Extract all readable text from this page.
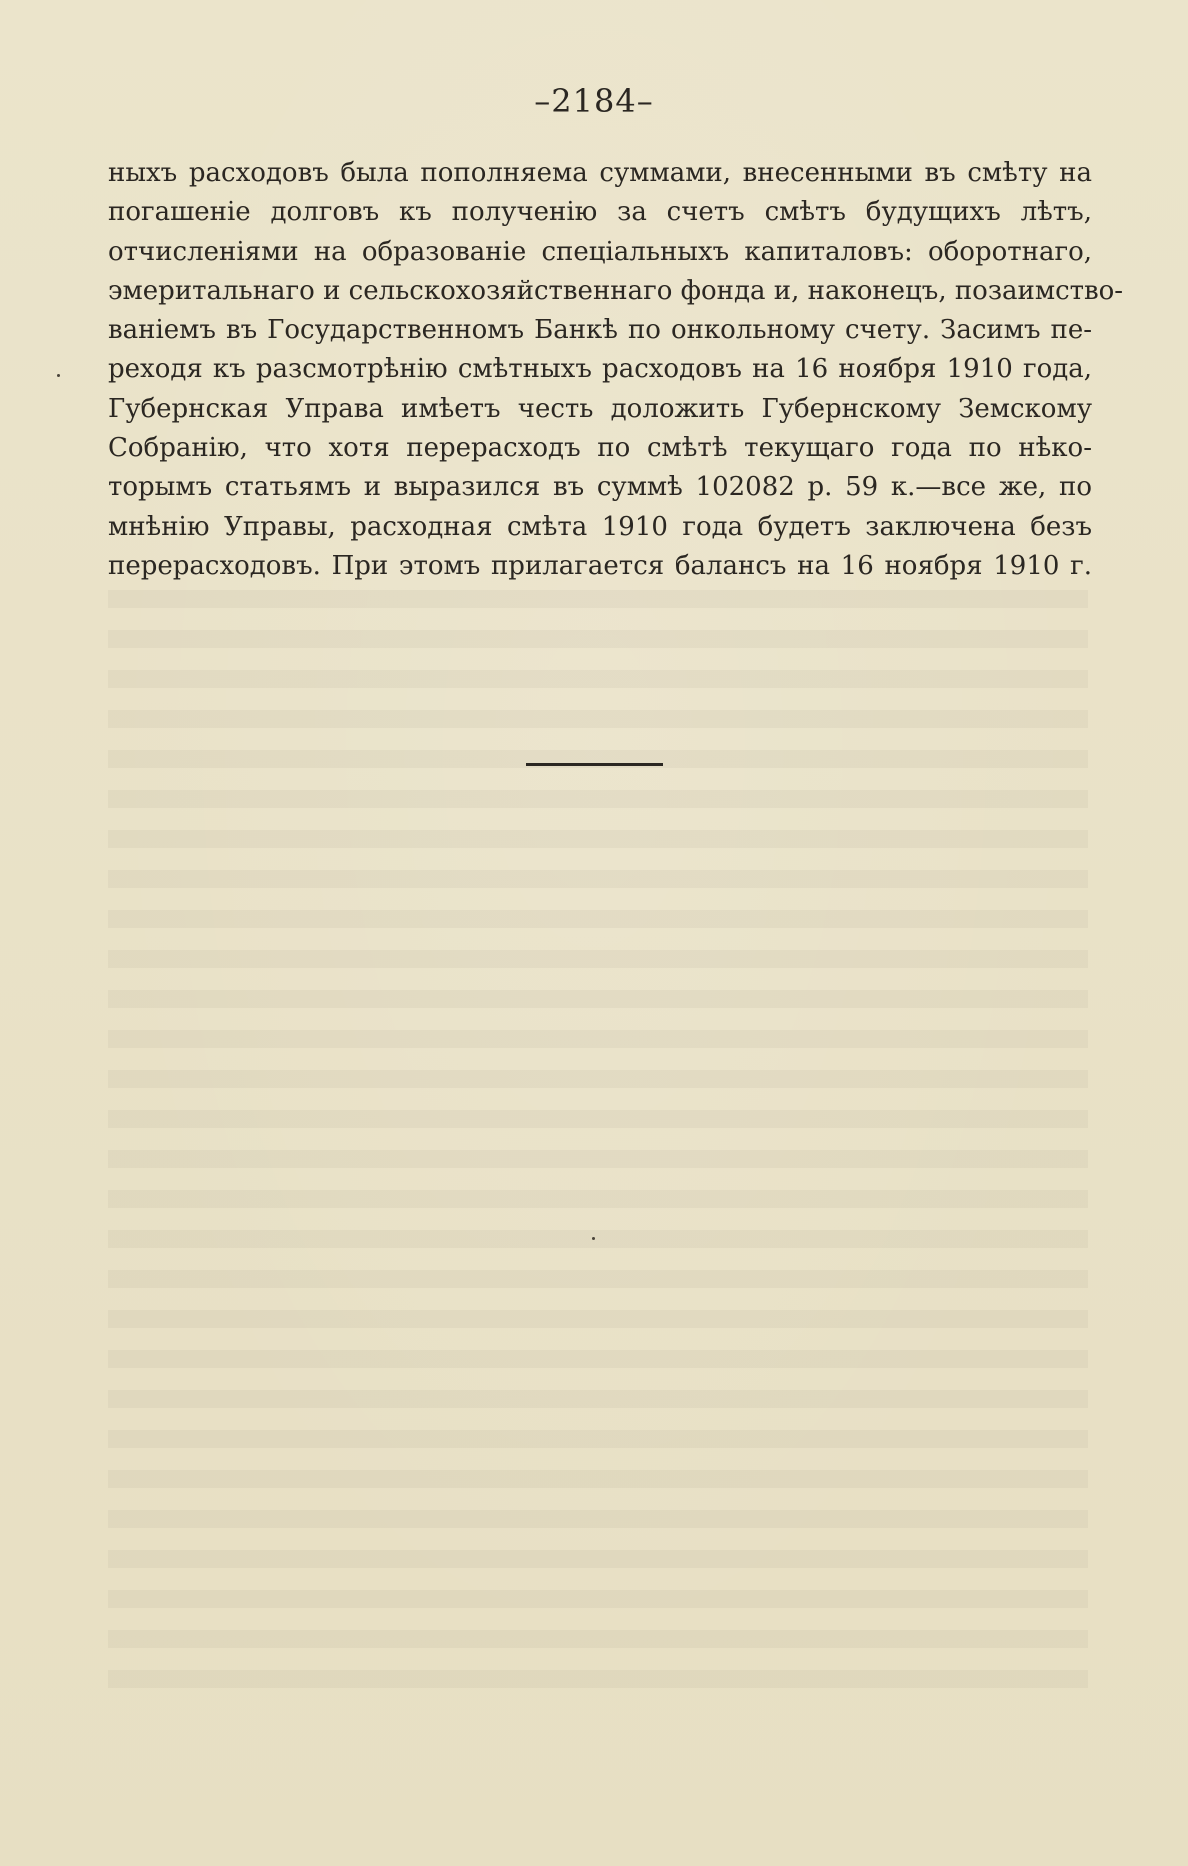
–2184–
ныхъ расходовъ была пополняема суммами, внесенными въ смѣту на
погашеніе долговъ къ полученію за счетъ смѣтъ будущихъ лѣтъ,
отчисленіями на образованіе спеціальныхъ капиталовъ: оборотнаго,
эмеритальнаго и сельскохозяйственнаго фонда и, наконецъ, позаимство-
ваніемъ въ Государственномъ Банкѣ по онкольному счету. Засимъ пе-
реходя къ разсмотрѣнію смѣтныхъ расходовъ на 16 ноября 1910 года,
Губернская Управа имѣетъ честь доложить Губернскому Земскому
Собранію, что хотя перерасходъ по смѣтѣ текущаго года по нѣко-
торымъ статьямъ и выразился въ суммѣ 102082 р. 59 к.—все же, по
мнѣнію Управы, расходная смѣта 1910 года будетъ заключена безъ
перерасходовъ. При этомъ прилагается балансъ на 16 ноября 1910 г.
